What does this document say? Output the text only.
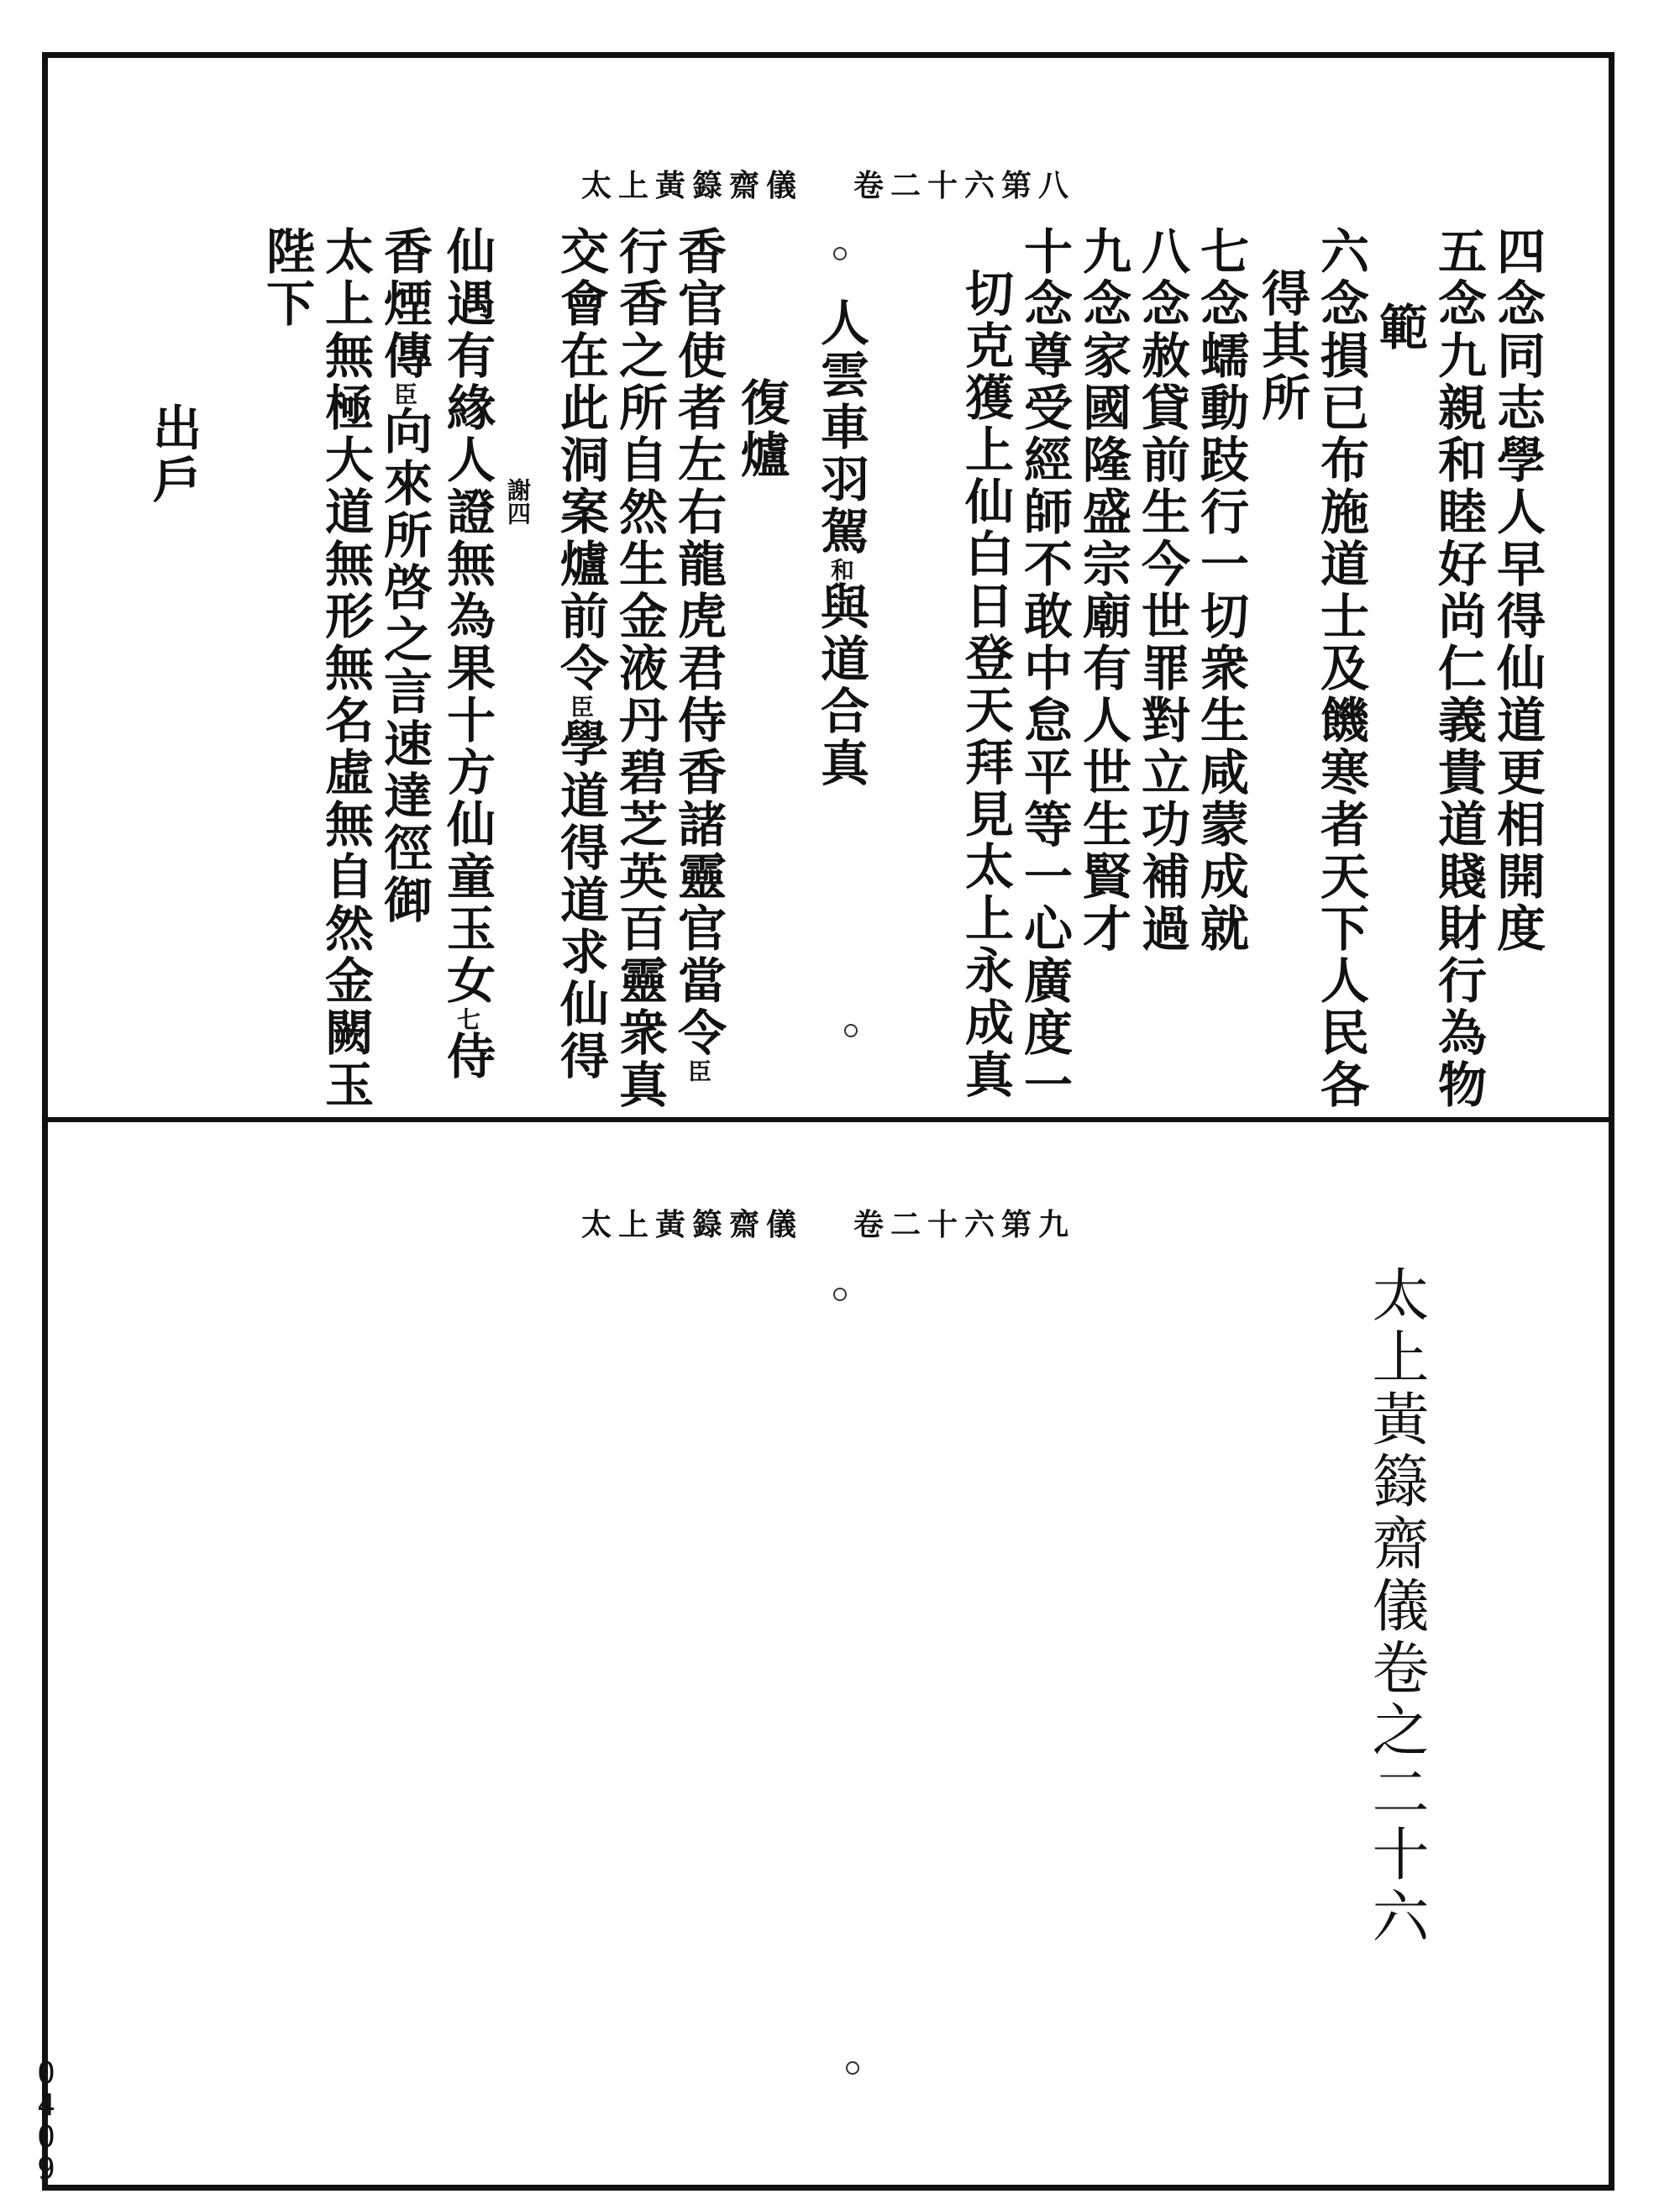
太上黃籙齋儀 卷二十六第八
四念同志學人早得仙道更相開度
五念九親和睦好尚仁義貴道賤財行為物
範
六念損已布施道士及饑寒者天下人民各
得其所
七念蠕動跂行一切衆生咸蒙成就
八念赦貸前生今世罪對立功補過
九念家國隆盛宗廟有人世生賢才
十念尊受經師不敢中怠平等一心廣度一
切克獲上仙白日登天拜見太上永成真
人雲車羽駕和與道合真
復爐
香官使者左右龍虎君侍香諸靈官當令臣
行香之所自然生金液丹碧芝英百靈衆真
交會在此洞案爐前令臣學道得道求仙得
仙遇有緣人證無為果十方仙童玉女七侍
香煙傳臣向來所啓之言速達徑御
太上無極大道無形無名虛無自然金闕玉
陛下
出戶	謝四
太上黃籙齋儀 卷二十六第九
太上黃籙齋儀卷之二十六
0409
